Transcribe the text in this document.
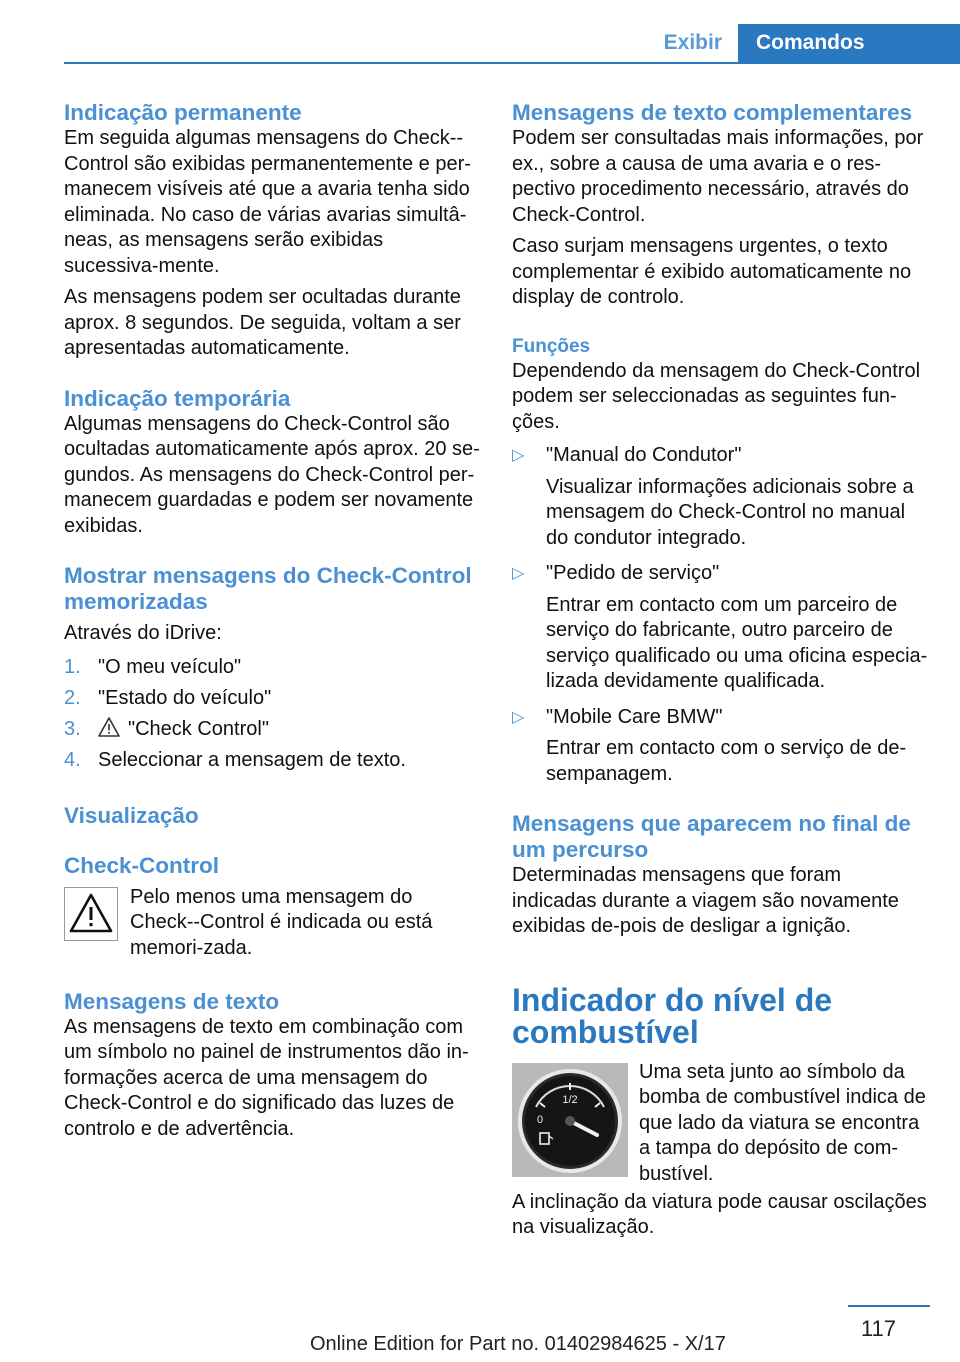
Exibir	Comandos
Indicação permanente

Em seguida algumas mensagens do Check--Control são exibidas permanentemente e per-manecem visíveis até que a avaria tenha sido eliminada. No caso de várias avarias simultâ-neas, as mensagens serão exibidas sucessiva-mente.

As mensagens podem ser ocultadas durante aprox. 8 segundos. De seguida, voltam a ser apresentadas automaticamente.

Indicação temporária

Algumas mensagens do Check-Control são ocultadas automaticamente após aprox. 20 se-gundos. As mensagens do Check-Control per-manecem guardadas e podem ser novamente exibidas.

Mostrar mensagens do Check-Control memorizadas

Através do iDrive:

1. "O meu veículo"
2. "Estado do veículo"
3. "Check Control"
4. Seleccionar a mensagem de texto.
Visualização
Check-Control

Pelo menos uma mensagem do Check--Control é indicada ou está memori-zada.

Mensagens de texto

As mensagens de texto em combinação com um símbolo no painel de instrumentos dão in-formações acerca de uma mensagem do Check-Control e do significado das luzes de controlo e de advertência.

Mensagens de texto complementares

Podem ser consultadas mais informações, por ex., sobre a causa de uma avaria e o res-pectivo procedimento necessário, através do Check-Control.

Caso surjam mensagens urgentes, o texto complementar é exibido automaticamente no display de controlo.

Funções

Dependendo da mensagem do Check-Control podem ser seleccionadas as seguintes fun-ções.

▷ "Manual do Condutor"
Visualizar informações adicionais sobre a mensagem do Check-Control no manual do condutor integrado.
▷ "Pedido de serviço"
Entrar em contacto com um parceiro de serviço do fabricante, outro parceiro de serviço qualificado ou uma oficina especia-lizada devidamente qualificada.
▷ "Mobile Care BMW"
Entrar em contacto com o serviço de de-sempanagem.
Mensagens que aparecem no final de um percurso

Determinadas mensagens que foram indicadas durante a viagem são novamente exibidas de-pois de desligar a ignição.

Indicador do nível de combustível
1/2
0

Uma seta junto ao símbolo da bomba de combustível indica de que lado da viatura se encontra a tampa do depósito de com-bustível.

A inclinação da viatura pode causar oscilações na visualização.

117
Online Edition for Part no. 01402984625 - X/17
